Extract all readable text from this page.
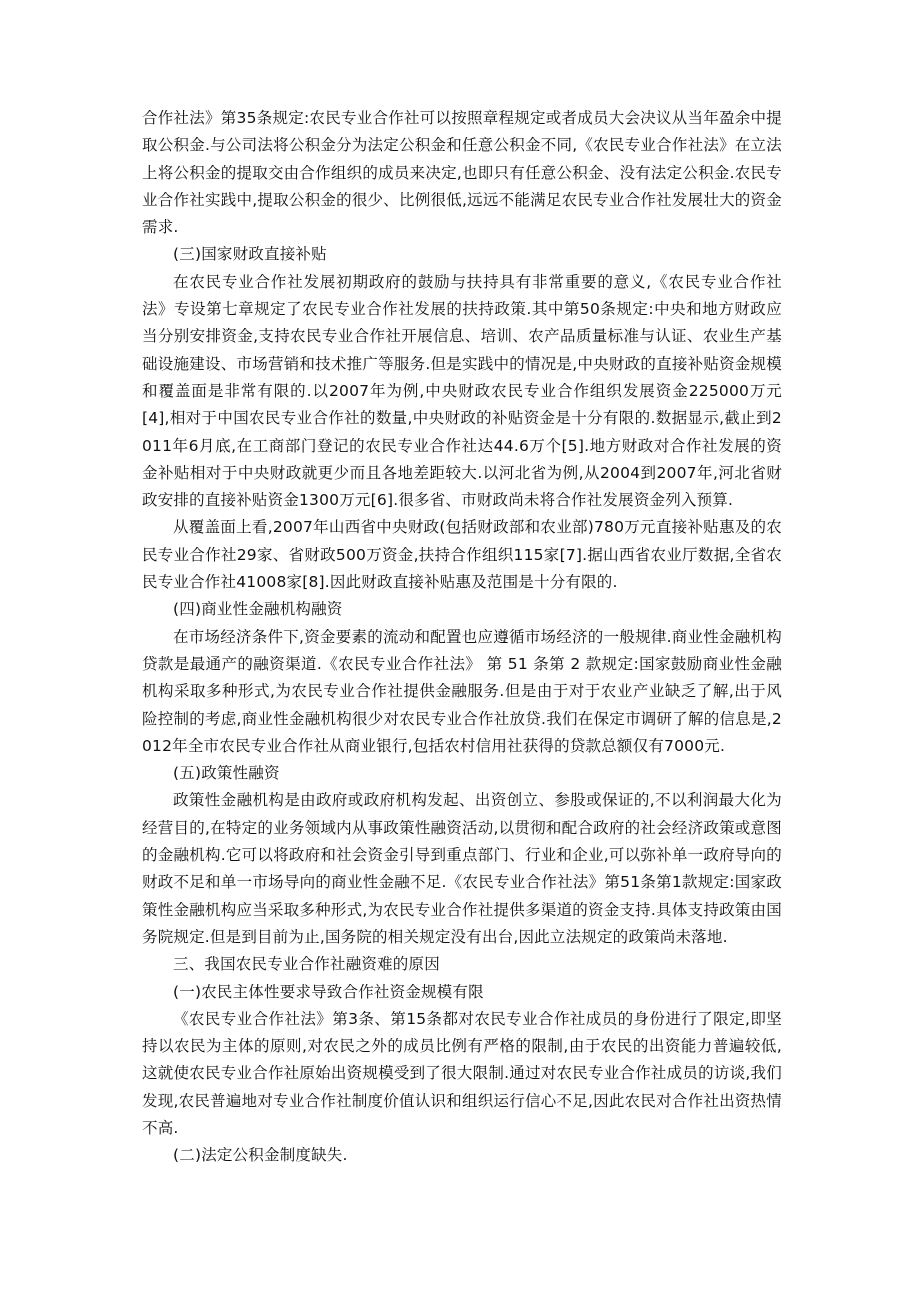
合作社法》第35条规定:农民专业合作社可以按照章程规定或者成员大会决议从当年盈余中提取公积金.与公司法将公积金分为法定公积金和任意公积金不同,《农民专业合作社法》在立法上将公积金的提取交由合作组织的成员来决定,也即只有任意公积金、没有法定公积金.农民专业合作社实践中,提取公积金的很少、比例很低,远远不能满足农民专业合作社发展壮大的资金需求.

(三)国家财政直接补贴

在农民专业合作社发展初期政府的鼓励与扶持具有非常重要的意义,《农民专业合作社法》专设第七章规定了农民专业合作社发展的扶持政策.其中第50条规定:中央和地方财政应当分别安排资金,支持农民专业合作社开展信息、培训、农产品质量标准与认证、农业生产基础设施建设、市场营销和技术推广等服务.但是实践中的情况是,中央财政的直接补贴资金规模和覆盖面是非常有限的.以2007年为例,中央财政农民专业合作组织发展资金225000万元[4],相对于中国农民专业合作社的数量,中央财政的补贴资金是十分有限的.数据显示,截止到2011年6月底,在工商部门登记的农民专业合作社达44.6万个[5].地方财政对合作社发展的资金补贴相对于中央财政就更少而且各地差距较大.以河北省为例,从2004到2007年,河北省财政安排的直接补贴资金1300万元[6].很多省、市财政尚未将合作社发展资金列入预算.

从覆盖面上看,2007年山西省中央财政(包括财政部和农业部)780万元直接补贴惠及的农民专业合作社29家、省财政500万资金,扶持合作组织115家[7].据山西省农业厅数据,全省农民专业合作社41008家[8].因此财政直接补贴惠及范围是十分有限的.

(四)商业性金融机构融资

在市场经济条件下,资金要素的流动和配置也应遵循市场经济的一般规律.商业性金融机构贷款是最通产的融资渠道.《农民专业合作社法》 第 51 条第 2 款规定:国家鼓励商业性金融机构采取多种形式,为农民专业合作社提供金融服务.但是由于对于农业产业缺乏了解,出于风险控制的考虑,商业性金融机构很少对农民专业合作社放贷.我们在保定市调研了解的信息是,2012年全市农民专业合作社从商业银行,包括农村信用社获得的贷款总额仅有7000元.

(五)政策性融资

政策性金融机构是由政府或政府机构发起、出资创立、参股或保证的,不以利润最大化为经营目的,在特定的业务领域内从事政策性融资活动,以贯彻和配合政府的社会经济政策或意图的金融机构.它可以将政府和社会资金引导到重点部门、行业和企业,可以弥补单一政府导向的财政不足和单一市场导向的商业性金融不足.《农民专业合作社法》第51条第1款规定:国家政策性金融机构应当采取多种形式,为农民专业合作社提供多渠道的资金支持.具体支持政策由国务院规定.但是到目前为止,国务院的相关规定没有出台,因此立法规定的政策尚未落地.

三、我国农民专业合作社融资难的原因

(一)农民主体性要求导致合作社资金规模有限

《农民专业合作社法》第3条、第15条都对农民专业合作社成员的身份进行了限定,即坚持以农民为主体的原则,对农民之外的成员比例有严格的限制,由于农民的出资能力普遍较低,这就使农民专业合作社原始出资规模受到了很大限制.通过对农民专业合作社成员的访谈,我们发现,农民普遍地对专业合作社制度价值认识和组织运行信心不足,因此农民对合作社出资热情不高.

(二)法定公积金制度缺失.
